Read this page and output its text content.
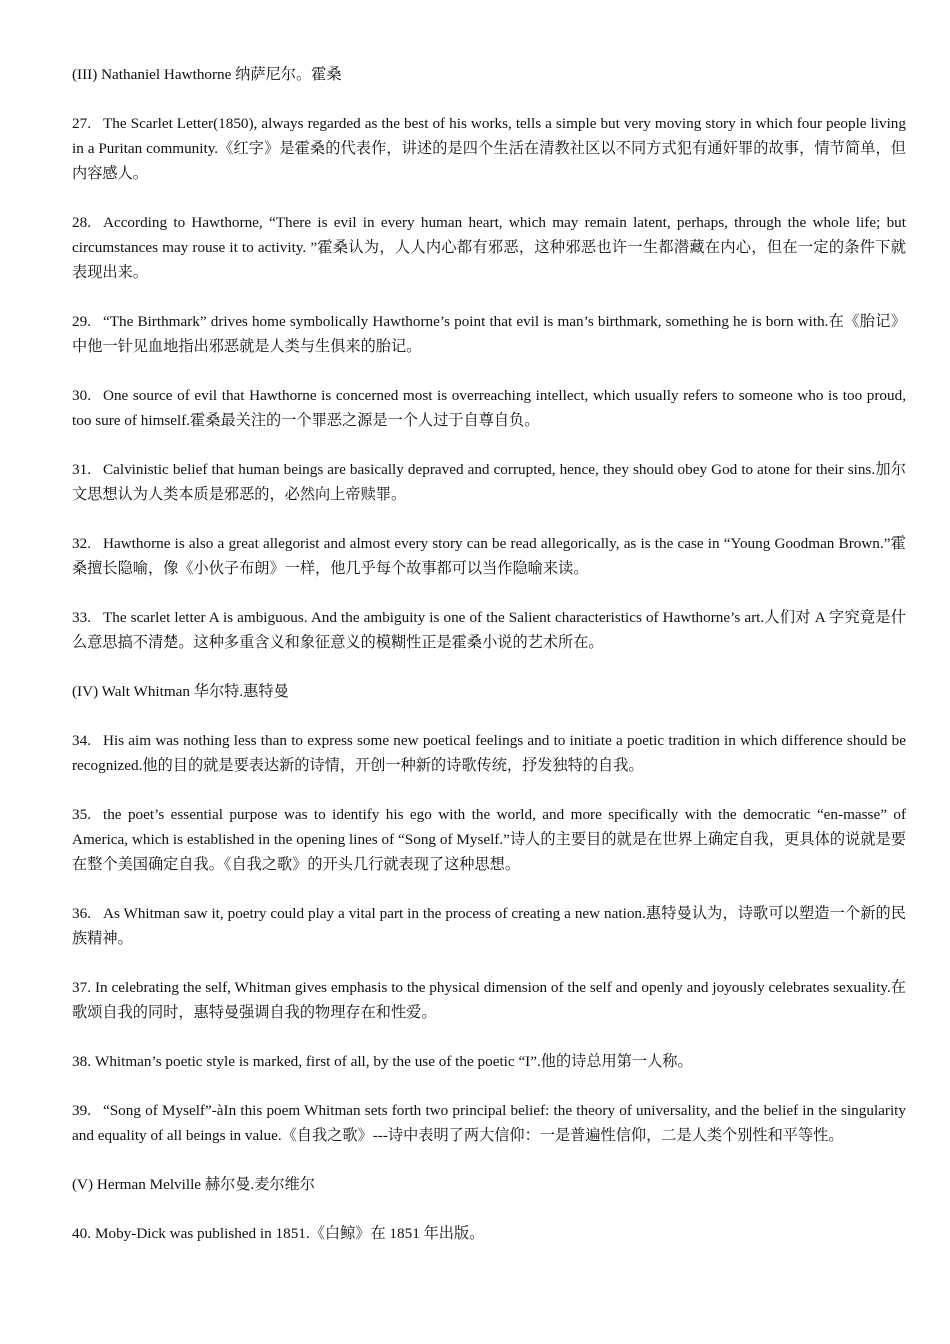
(III) Nathaniel Hawthorne 纳萨尼尔。霍桑

27. The Scarlet Letter(1850), always regarded as the best of his works, tells a simple but very moving story in which four people living in a Puritan community.《红字》是霍桑的代表作，讲述的是四个生活在清教社区以不同方式犯有通奸罪的故事，情节简单，但内容感人。

28. According to Hawthorne, “There is evil in every human heart, which may remain latent, perhaps, through the whole life; but circumstances may rouse it to activity. ”霍桑认为，人人内心都有邪恶，这种邪恶也许一生都潜藏在内心，但在一定的条件下就表现出来。

29. “The Birthmark” drives home symbolically Hawthorne’s point that evil is man’s birthmark, something he is born with.在《胎记》中他一针见血地指出邪恶就是人类与生俱来的胎记。

30. One source of evil that Hawthorne is concerned most is overreaching intellect, which usually refers to someone who is too proud, too sure of himself.霍桑最关注的一个罪恶之源是一个人过于自尊自负。

31. Calvinistic belief that human beings are basically depraved and corrupted, hence, they should obey God to atone for their sins.加尔文思想认为人类本质是邪恶的，必然向上帝赎罪。

32. Hawthorne is also a great allegorist and almost every story can be read allegorically, as is the case in “Young Goodman Brown.”霍桑擅长隐喻，像《小伙子布朗》一样，他几乎每个故事都可以当作隐喻来读。

33. The scarlet letter A is ambiguous. And the ambiguity is one of the Salient characteristics of Hawthorne’s art.人们对 A 字究竟是什么意思搞不清楚。这种多重含义和象征意义的模糊性正是霍桑小说的艺术所在。

(IV) Walt Whitman 华尔特.惠特曼

34. His aim was nothing less than to express some new poetical feelings and to initiate a poetic tradition in which difference should be recognized.他的目的就是要表达新的诗情，开创一种新的诗歌传统，抒发独特的自我。

35. the poet’s essential purpose was to identify his ego with the world, and more specifically with the democratic “en-masse” of America, which is established in the opening lines of “Song of Myself.”诗人的主要目的就是在世界上确定自我，更具体的说就是要在整个美国确定自我。《自我之歌》的开头几行就表现了这种思想。

36. As Whitman saw it, poetry could play a vital part in the process of creating a new nation.惠特曼认为，诗歌可以塑造一个新的民族精神。

37. In celebrating the self, Whitman gives emphasis to the physical dimension of the self and openly and joyously celebrates sexuality.在歌颂自我的同时，惠特曼强调自我的物理存在和性爱。

38. Whitman’s poetic style is marked, first of all, by the use of the poetic “I”.他的诗总用第一人称。

39. “Song of Myself”-àIn this poem Whitman sets forth two principal belief: the theory of universality, and the belief in the singularity and equality of all beings in value.《自我之歌》---诗中表明了两大信仰：一是普遍性信仰，二是人类个别性和平等性。

(V) Herman Melville 赫尔曼.麦尔维尔

40. Moby-Dick was published in 1851.《白鲸》在 1851 年出版。
